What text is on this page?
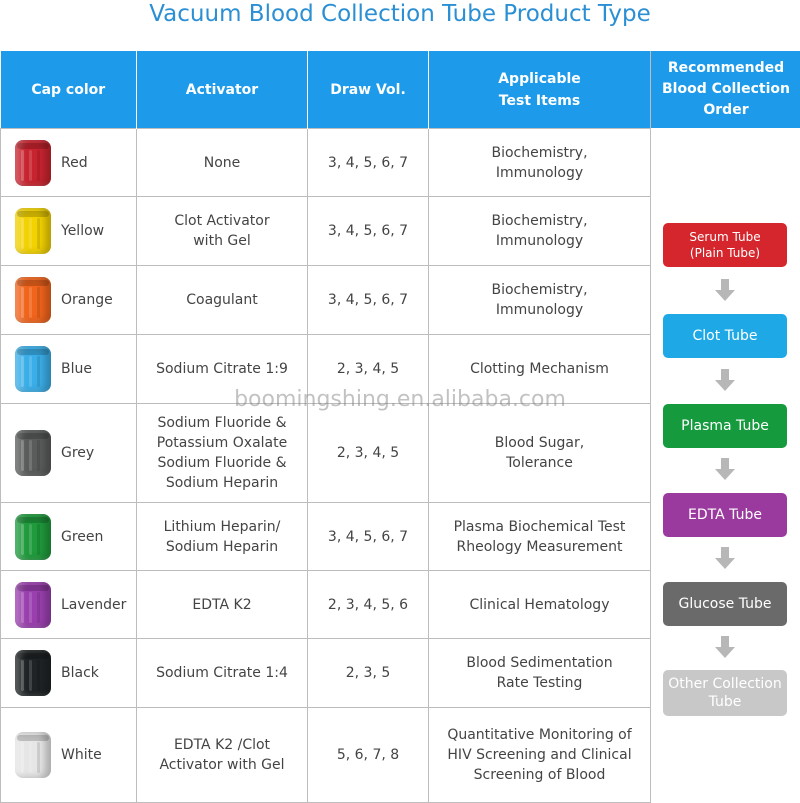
Vacuum Blood Collection Tube Product Type
Cap color	Activator	Draw Vol.	Applicable Test Items

Red	None	3, 4, 5, 6, 7	Biochemistry, Immunology

Yellow	Clot Activator with Gel	3, 4, 5, 6, 7	Biochemistry, Immunology

Orange	Coagulant	3, 4, 5, 6, 7	Biochemistry, Immunology

Blue	Sodium Citrate 1:9	2, 3, 4, 5	Clotting Mechanism

Grey	Sodium Fluoride & Potassium Oxalate Sodium Fluoride & Sodium Heparin	2, 3, 4, 5	Blood Sugar, Tolerance

Green	Lithium Heparin/ Sodium Heparin	3, 4, 5, 6, 7	Plasma Biochemical Test Rheology Measurement

Lavender	EDTA K2	2, 3, 4, 5, 6	Clinical Hematology

Black	Sodium Citrate 1:4	2, 3, 5	Blood Sedimentation Rate Testing

White	EDTA K2 /Clot Activator with Gel	5, 6, 7, 8	Quantitative Monitoring of HIV Screening and Clinical Screening of Blood
Recommended Blood Collection Order
Serum Tube (Plain Tube)
Clot Tube
Plasma Tube
EDTA Tube
Glucose Tube
Other Collection Tube
boomingshing.en.alibaba.com
